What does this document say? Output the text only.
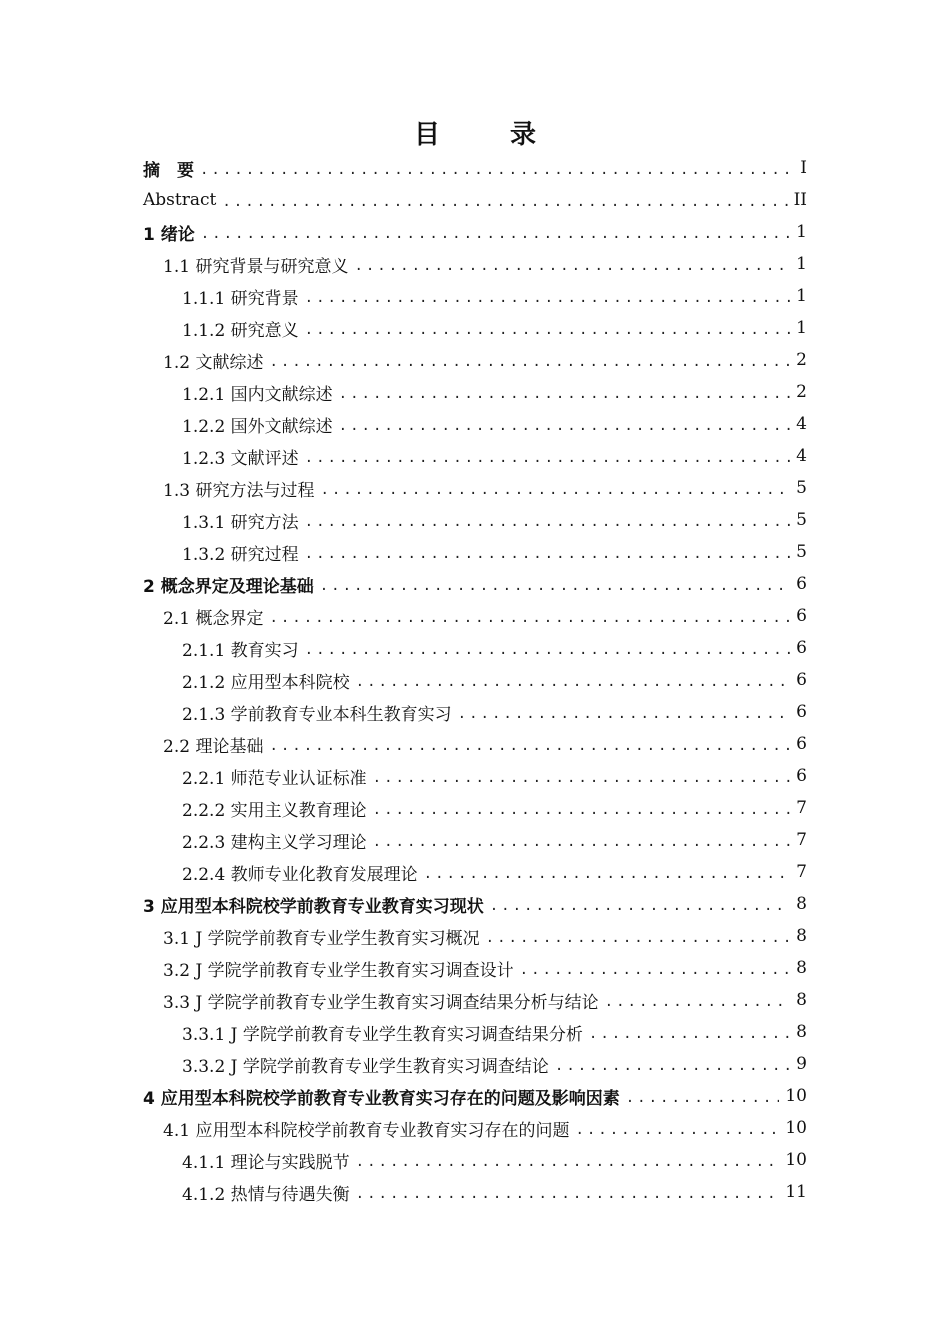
目　录
摘　要 .....	I
Abstract .....	II
1 绪论 .....	1
1.1 研究背景与研究意义 .....	1
1.1.1 研究背景 .....	1
1.1.2 研究意义 .....	1
1.2 文献综述 .....	2
1.2.1 国内文献综述 .....	2
1.2.2 国外文献综述 .....	4
1.2.3 文献评述 .....	4
1.3 研究方法与过程 .....	5
1.3.1 研究方法 .....	5
1.3.2 研究过程 .....	5
2 概念界定及理论基础 .....	6
2.1 概念界定 .....	6
2.1.1 教育实习 .....	6
2.1.2 应用型本科院校 .....	6
2.1.3 学前教育专业本科生教育实习 .....	6
2.2 理论基础 .....	6
2.2.1 师范专业认证标准 .....	6
2.2.2 实用主义教育理论 .....	7
2.2.3 建构主义学习理论 .....	7
2.2.4 教师专业化教育发展理论 .....	7
3 应用型本科院校学前教育专业教育实习现状 .....	8
3.1 J 学院学前教育专业学生教育实习概况 .....	8
3.2 J 学院学前教育专业学生教育实习调查设计 .....	8
3.3 J 学院学前教育专业学生教育实习调查结果分析与结论 .....	8
3.3.1 J 学院学前教育专业学生教育实习调查结果分析 .....	8
3.3.2 J 学院学前教育专业学生教育实习调查结论 .....	9
4 应用型本科院校学前教育专业教育实习存在的问题及影响因素 .....	10
4.1 应用型本科院校学前教育专业教育实习存在的问题 .....	10
4.1.1 理论与实践脱节 .....	10
4.1.2 热情与待遇失衡 .....	11
